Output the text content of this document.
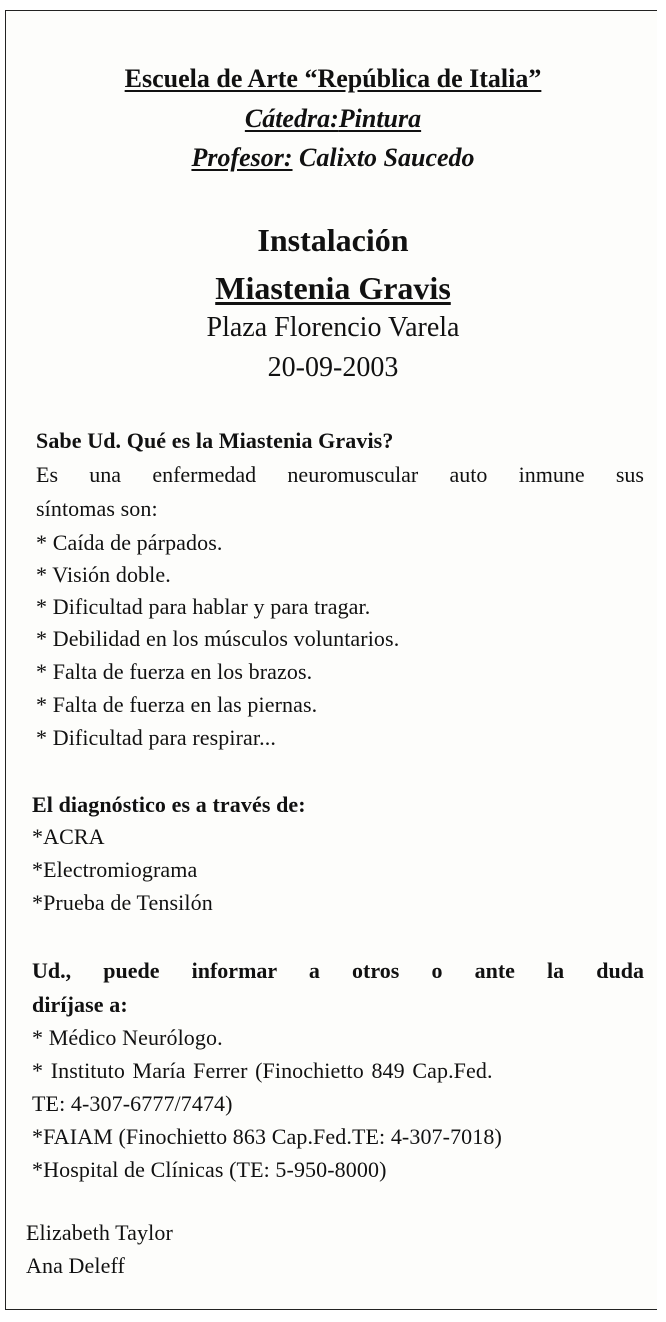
Escuela de Arte “República de Italia”
Cátedra:Pintura
Profesor: Calixto Saucedo
Instalación
Miastenia Gravis
Plaza Florencio Varela
20-09-2003
Sabe Ud. Qué es la Miastenia Gravis?
Es una enfermedad neuromuscular auto inmune sus
síntomas son:
* Caída de párpados.
* Visión doble.
* Dificultad para hablar y para tragar.
* Debilidad en los músculos voluntarios.
* Falta de fuerza en los brazos.
* Falta de fuerza en las piernas.
* Dificultad para respirar...
El diagnóstico es a través de:
*ACRA
*Electromiograma
*Prueba de Tensilón
Ud., puede informar a otros o ante la duda
diríjase a:
* Médico Neurólogo.
* Instituto María Ferrer (Finochietto 849 Cap.Fed.
TE: 4-307-6777/7474)
*FAIAM (Finochietto 863 Cap.Fed.TE: 4-307-7018)
*Hospital de Clínicas (TE: 5-950-8000)
Elizabeth Taylor
Ana Deleff
